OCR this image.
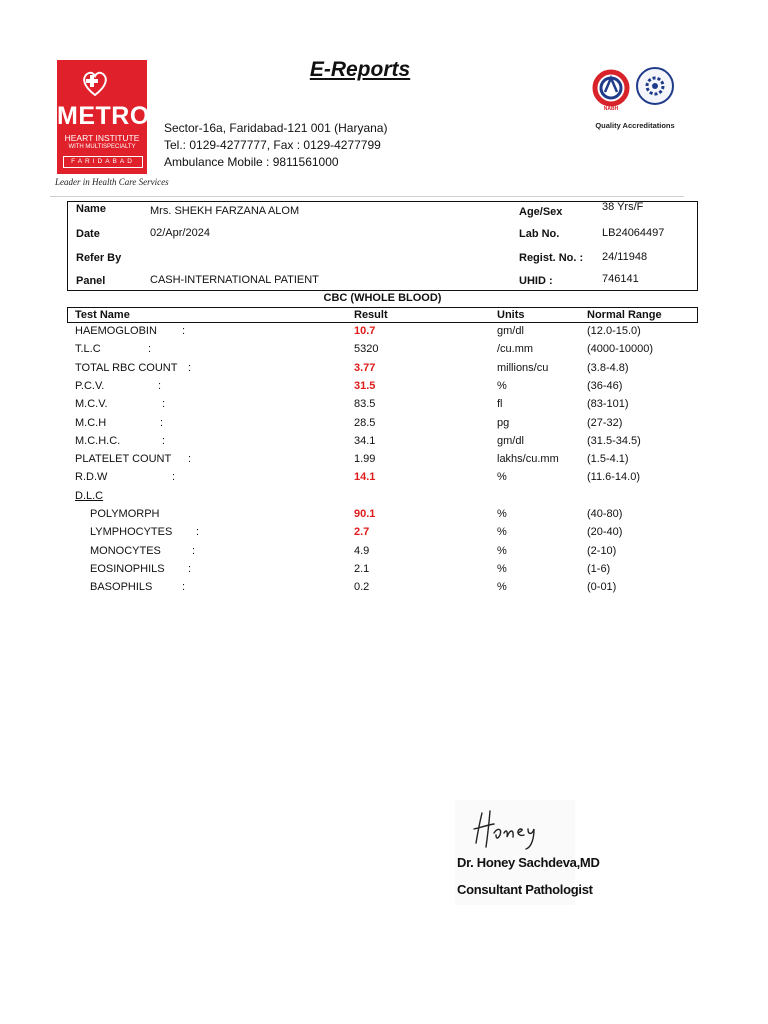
METRO
HEART INSTITUTE
WITH MULTISPECIALTY
FARIDABAD
Leader in Health Care Services
E-Reports
Sector-16a, Faridabad-121 001 (Haryana)
Tel.: 0129-4277777, Fax : 0129-4277799
Ambulance Mobile : 9811561000
NABH
Quality Accreditations
Name	Mrs. SHEKH FARZANA ALOM
Date	02/Apr/2024
Refer By
Panel	CASH-INTERNATIONAL PATIENT
Age/Sex	38 Yrs/F
Lab No.	LB24064497
Regist. No. : 24/11948
UHID :	746141
CBC (WHOLE BLOOD)
Test Name	Result	Units	Normal Range
HAEMOGLOBIN :	10.7	gm/dl	(12.0-15.0)
T.L.C	:	5320	/cu.mm	(4000-10000)
TOTAL RBC COUNT :	3.77	millions/cu	(3.8-4.8)
P.C.V.	:	31.5	%	(36-46)
M.C.V.	:	83.5	fl	(83-101)
M.C.H	:	28.5	pg	(27-32)
M.C.H.C.	:	34.1	gm/dl	(31.5-34.5)
PLATELET COUNT :	1.99	lakhs/cu.mm	(1.5-4.1)
R.D.W	:	14.1	%	(11.6-14.0)
D.L.C
POLYMORPH	90.1	%	(40-80)
LYMPHOCYTES :	2.7	%	(20-40)
MONOCYTES	:	4.9	%	(2-10)
EOSINOPHILS :	2.1	%	(1-6)
BASOPHILS	:	0.2	%	(0-01)
Dr. Honey Sachdeva,MD
Consultant Pathologist
